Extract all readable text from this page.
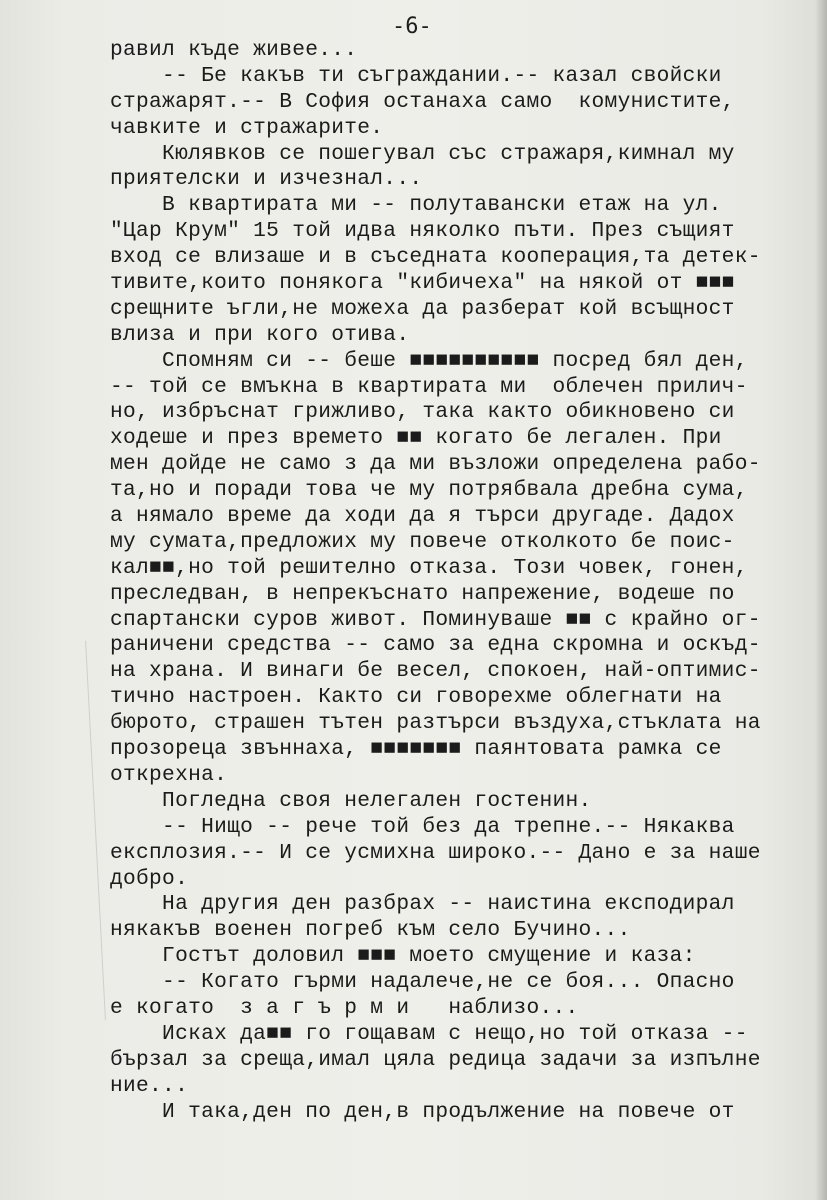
-6-
равил къде живее...
-- Бе какъв ти съграждании.-- казал свойски
стражарят.-- В София останаха само  комунистите,
чавките и стражарите.
Кюлявков се пошегувал със стражаря,кимнал му
приятелски и изчезнал...
В квартирата ми -- полутавански етаж на ул.
"Цар Крум" 15 той идва няколко пъти. През същият
вход се влизаше и в съседната кооперация,та детек-
тивите,които понякога "кибичеха" на някой от ■■■
срещните ъгли,не можеха да разберат кой всъщност
влиза и при кого отива.
Спомням си -- беше ■■■■■■■■■■ посред бял ден,
-- той се вмъкна в квартирата ми  облечен прилич-
но, избръснат грижливо, така както обикновено си
ходеше и през времето ■■ когато бе легален. При
мен дойде не само з да ми възложи определена рабо-
та,но и поради това че му потрябвала дребна сума,
а нямало време да ходи да я търси другаде. Дадох
му сумата,предложих му повече отколкото бе поис-
кал■■,но той решително отказа. Този човек, гонен,
преследван, в непрекъснато напрежение, водеше по
спартански суров живот. Поминуваше ■■ с крайно ог-
раничени средства -- само за една скромна и оскъд-
на храна. И винаги бе весел, спокоен, най-оптимис-
тично настроен. Както си говорехме облегнати на
бюрото, страшен тътен разтърси въздуха,стъклата на
прозореца звъннаха, ■■■■■■■ паянтовата рамка се
открехна.
Погледна своя нелегален гостенин.
-- Нищо -- рече той без да трепне.-- Някаква
експлозия.-- И се усмихна широко.-- Дано е за наше
добро.
На другия ден разбрах -- наистина експодирал
някакъв военен погреб към село Бучино...
Гостът доловил ■■■ моето смущение и каза:
-- Когато гърми надалече,не се боя... Опасно
е когато  з а г ъ р м и   наблизо...
Исках да■■ го гощавам с нещо,но той отказа --
бързал за среща,имал цяла редица задачи за изпълне
ние...
И така,ден по ден,в продължение на повече от
